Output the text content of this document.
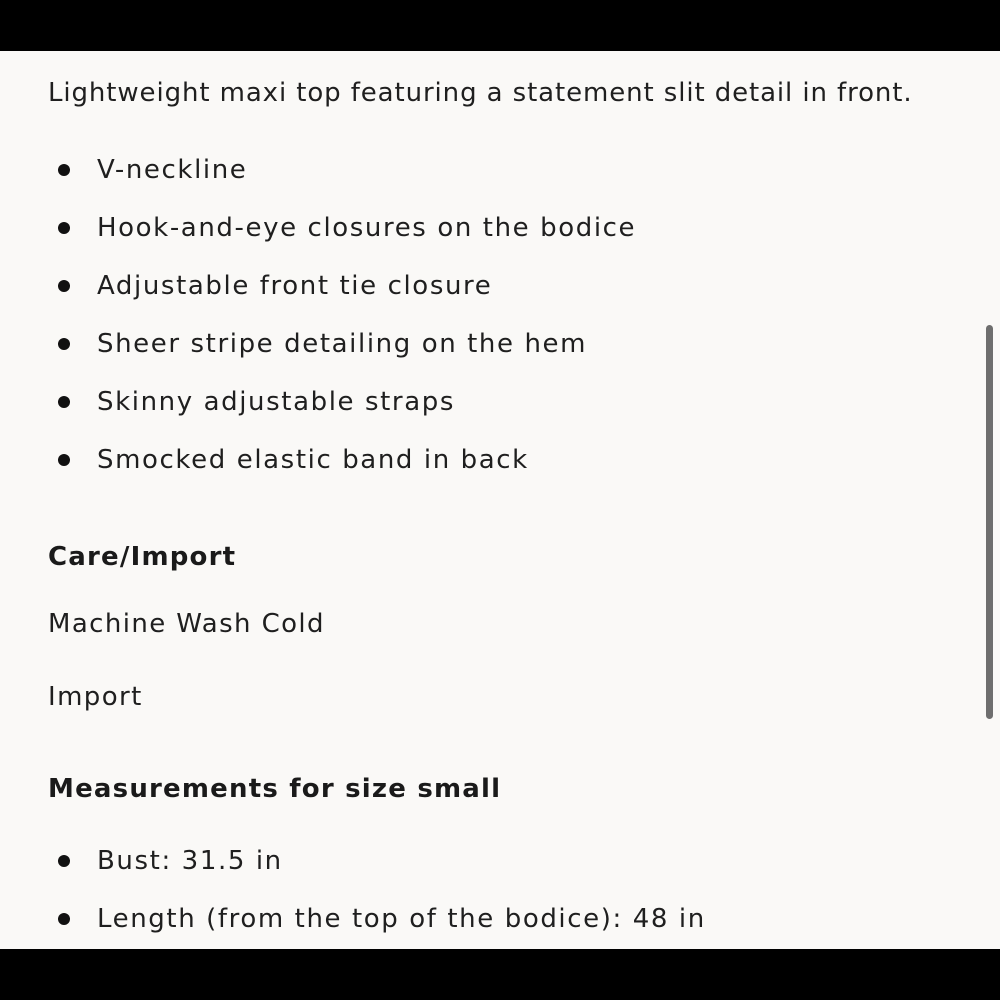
Lightweight maxi top featuring a statement slit detail in front.

V-neckline
Hook-and-eye closures on the bodice
Adjustable front tie closure
Sheer stripe detailing on the hem
Skinny adjustable straps
Smocked elastic band in back
Care/Import

Machine Wash Cold

Import

Measurements for size small
Bust: 31.5 in
Length (from the top of the bodice): 48 in
